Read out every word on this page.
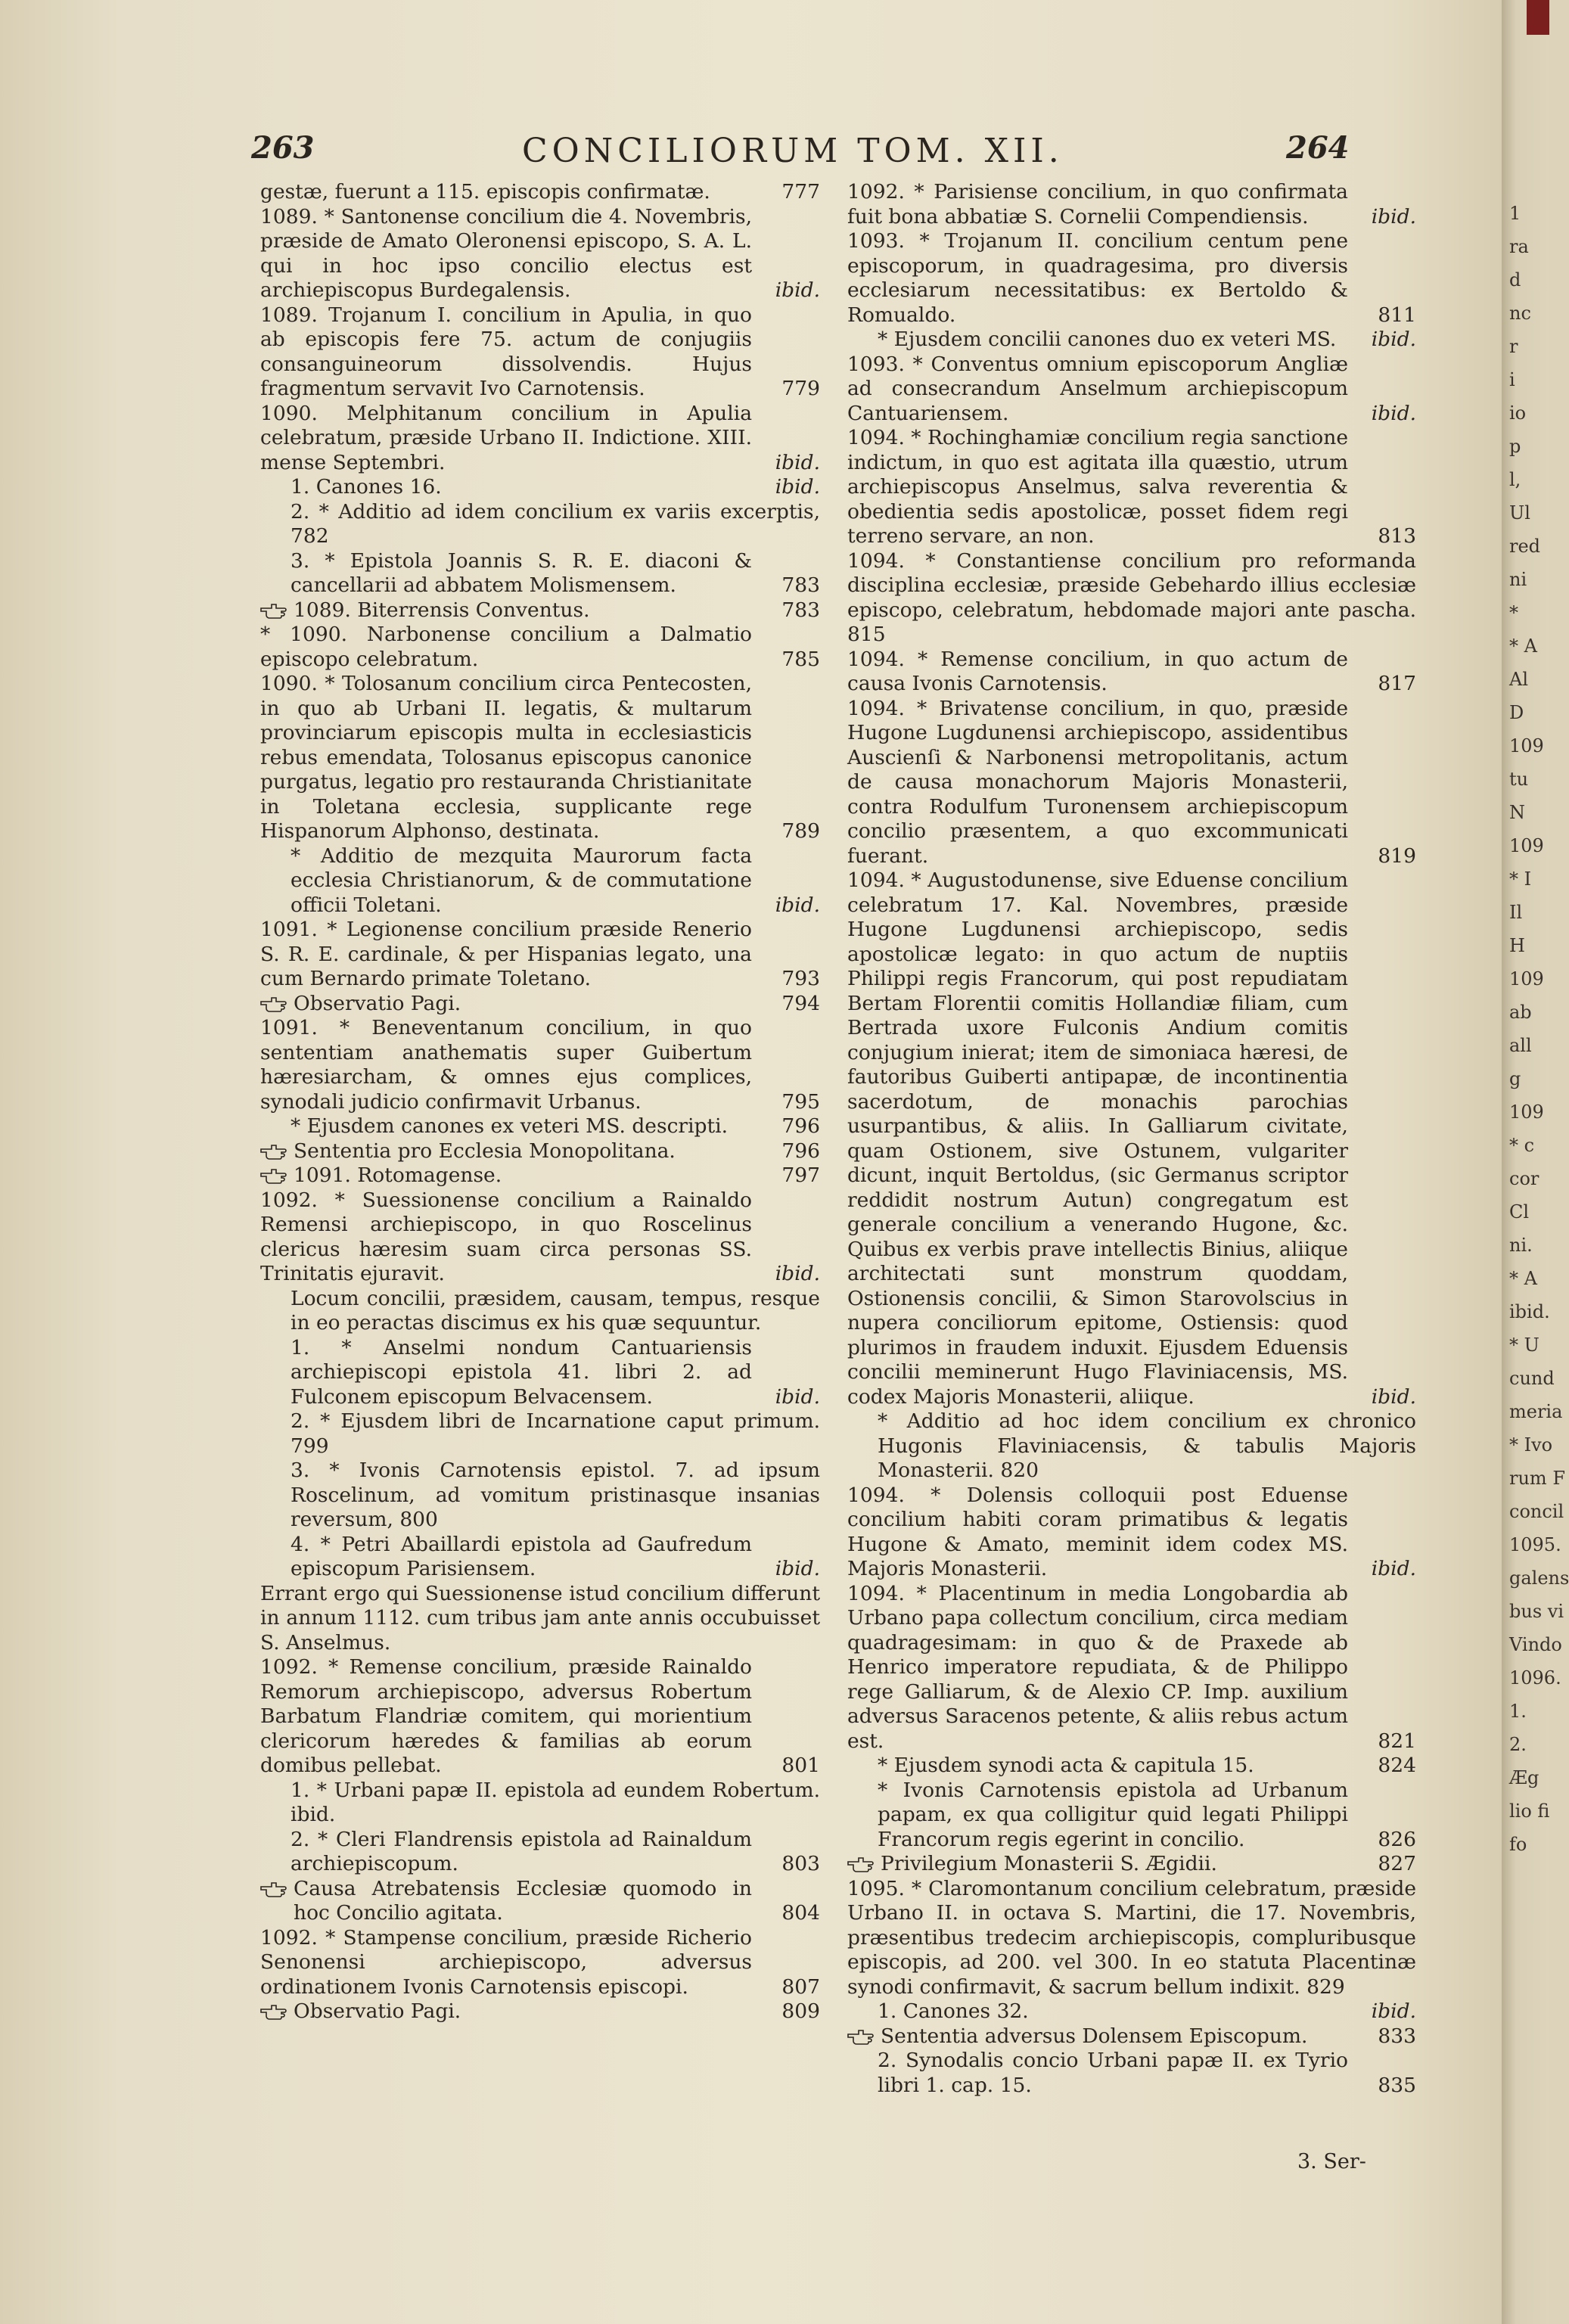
263	CONCILIORUM TOM. XII.	264
gestæ, fuerunt a 115. episcopis confirmatæ.	777
1089. * Santonense concilium die 4. Novembris, præside de Amato Oleronensi episcopo, S. A. L. qui in hoc ipso concilio electus est archiepiscopus Burdegalensis.	ibid.
1089. Trojanum I. concilium in Apulia, in quo ab episcopis fere 75. actum de conjugiis consanguineorum dissolvendis. Hujus fragmentum servavit Ivo Carnotensis.	779
1090. Melphitanum concilium in Apulia celebratum, præside Urbano II. Indictione. XIII. mense Septembri.	ibid.
1. Canones 16.	ibid.
2. * Additio ad idem concilium ex variis excerptis, 782
3. * Epistola Joannis S. R. E. diaconi & cancellarii ad abbatem Molismensem.	783
1089. Biterrensis Conventus.	783
* 1090. Narbonense concilium a Dalmatio episcopo celebratum.	785
1090. * Tolosanum concilium circa Pentecosten, in quo ab Urbani II. legatis, & multarum provinciarum episcopis multa in ecclesiasticis rebus emendata, Tolosanus episcopus canonice purgatus, legatio pro restauranda Christianitate in Toletana ecclesia, supplicante rege Hispanorum Alphonso, destinata.	789
* Additio de mezquita Maurorum facta ecclesia Christianorum, & de commutatione officii Toletani.	ibid.
1091. * Legionense concilium præside Renerio S. R. E. cardinale, & per Hispanias legato, una cum Bernardo primate Toletano.	793
Observatio Pagi.	794
1091. * Beneventanum concilium, in quo sententiam anathematis super Guibertum hæresiarcham, & omnes ejus complices, synodali judicio confirmavit Urbanus.	795
* Ejusdem canones ex veteri MS. descripti.	796
Sententia pro Ecclesia Monopolitana.	796
1091. Rotomagense.	797
1092. * Suessionense concilium a Rainaldo Remensi archiepiscopo, in quo Roscelinus clericus hæresim suam circa personas SS. Trinitatis ejuravit.	ibid.
Locum concilii, præsidem, causam, tempus, resque in eo peractas discimus ex his quæ sequuntur.
1. * Anselmi nondum Cantuariensis archiepiscopi epistola 41. libri 2. ad Fulconem episcopum Belvacensem.	ibid.
2. * Ejusdem libri de Incarnatione caput primum. 799
3. * Ivonis Carnotensis epistol. 7. ad ipsum Roscelinum, ad vomitum pristinasque insanias reversum, 800
4. * Petri Abaillardi epistola ad Gaufredum episcopum Parisiensem.	ibid.
Errant ergo qui Suessionense istud concilium differunt in annum 1112. cum tribus jam ante annis occubuisset S. Anselmus.
1092. * Remense concilium, præside Rainaldo Remorum archiepiscopo, adversus Robertum Barbatum Flandriæ comitem, qui morientium clericorum hæredes & familias ab eorum domibus pellebat.	801
1. * Urbani papæ II. epistola ad eundem Robertum. ibid.
2. * Cleri Flandrensis epistola ad Rainaldum archiepiscopum.	803
Causa Atrebatensis Ecclesiæ quomodo in hoc Concilio agitata.	804
1092. * Stampense concilium, præside Richerio Senonensi archiepiscopo, adversus ordinationem Ivonis Carnotensis episcopi.	807
Observatio Pagi.	809
1092. * Parisiense concilium, in quo confirmata fuit bona abbatiæ S. Cornelii Compendiensis.	ibid.
1093. * Trojanum II. concilium centum pene episcoporum, in quadragesima, pro diversis ecclesiarum necessitatibus: ex Bertoldo & Romualdo.	811
* Ejusdem concilii canones duo ex veteri MS.	ibid.
1093. * Conventus omnium episcoporum Angliæ ad consecrandum Anselmum archiepiscopum Cantuariensem.	ibid.
1094. * Rochinghamiæ concilium regia sanctione indictum, in quo est agitata illa quæstio, utrum archiepiscopus Anselmus, salva reverentia & obedientia sedis apostolicæ, posset fidem regi terreno servare, an non.	813
1094. * Constantiense concilium pro reformanda disciplina ecclesiæ, præside Gebehardo illius ecclesiæ episcopo, celebratum, hebdomade majori ante pascha. 815
1094. * Remense concilium, in quo actum de causa Ivonis Carnotensis.	817
1094. * Brivatense concilium, in quo, præside Hugone Lugdunensi archiepiscopo, assidentibus Auscienſi & Narbonensi metropolitanis, actum de causa monachorum Majoris Monasterii, contra Rodulfum Turonensem archiepiscopum concilio præsentem, a quo excommunicati fuerant.	819
1094. * Augustodunense, sive Eduense concilium celebratum 17. Kal. Novembres, præside Hugone Lugdunensi archiepiscopo, sedis apostolicæ legato: in quo actum de nuptiis Philippi regis Francorum, qui post repudiatam Bertam Florentii comitis Hollandiæ filiam, cum Bertrada uxore Fulconis Andium comitis conjugium inierat; item de simoniaca hæresi, de fautoribus Guiberti antipapæ, de incontinentia sacerdotum, de monachis parochias usurpantibus, & aliis. In Galliarum civitate, quam Ostionem, sive Ostunem, vulgariter dicunt, inquit Bertoldus, (sic Germanus scriptor reddidit nostrum Autun) congregatum est generale concilium a venerando Hugone, &c. Quibus ex verbis prave intellectis Binius, aliique architectati sunt monstrum quoddam, Ostionensis concilii, & Simon Starovolscius in nupera conciliorum epitome, Ostiensis: quod plurimos in fraudem induxit. Ejusdem Eduensis concilii meminerunt Hugo Flaviniacensis, MS. codex Majoris Monasterii, aliique.	ibid.
* Additio ad hoc idem concilium ex chronico Hugonis Flaviniacensis, & tabulis Majoris Monasterii. 820
1094. * Dolensis colloquii post Eduense concilium habiti coram primatibus & legatis Hugone & Amato, meminit idem codex MS. Majoris Monasterii.	ibid.
1094. * Placentinum in media Longobardia ab Urbano papa collectum concilium, circa mediam quadragesimam: in quo & de Praxede ab Henrico imperatore repudiata, & de Philippo rege Galliarum, & de Alexio CP. Imp. auxilium adversus Saracenos petente, & aliis rebus actum est.	821
* Ejusdem synodi acta & capitula 15.	824
* Ivonis Carnotensis epistola ad Urbanum papam, ex qua colligitur quid legati Philippi Francorum regis egerint in concilio.	826
Privilegium Monasterii S. Ægidii.	827
1095. * Claromontanum concilium celebratum, præside Urbano II. in octava S. Martini, die 17. Novembris, præsentibus tredecim archiepiscopis, compluribusque episcopis, ad 200. vel 300. In eo statuta Placentinæ synodi confirmavit, & sacrum bellum indixit. 829
1. Canones 32.	ibid.
Sententia adversus Dolensem Episcopum.	833
2. Synodalis concio Urbani papæ II. ex Tyrio libri 1. cap. 15.	835
3. Ser-
1
ra
d
nc
r
i
io
p
l,
Ul
red
ni
*
* A
Al
D
109
tu
N
109
* I
Il
H
109
ab
all
g
109
* c
cor
Cl
ni.
* A
ibid.
* U
cund
meria
* Ivo
rum F
concil
1095.
galens
bus vi
Vindo
1096.
1.
2.
Æg
lio fi
fo
